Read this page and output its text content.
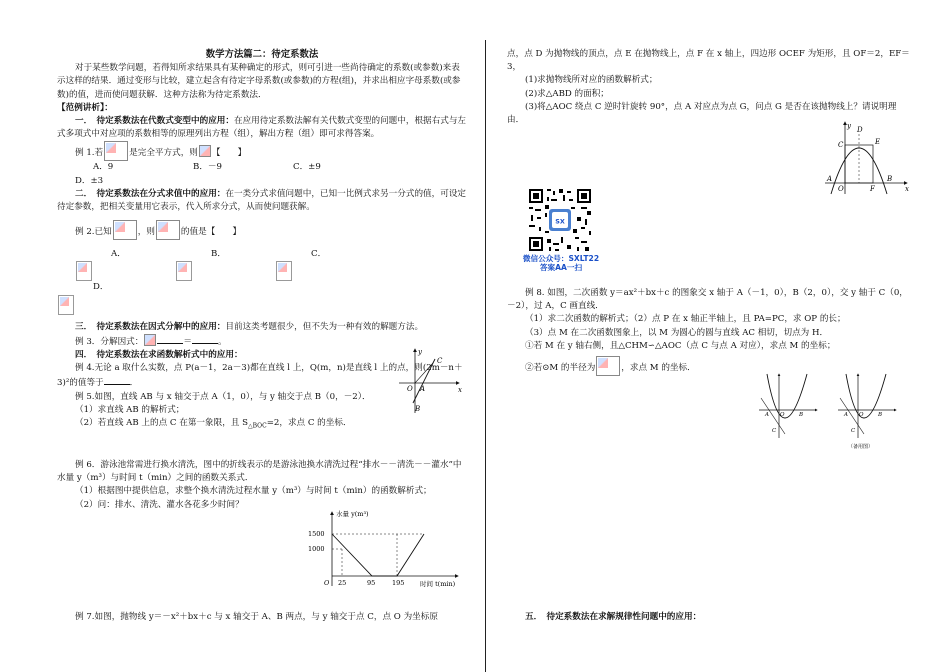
数学方法篇二：待定系数法

对于某些数学问题，若得知所求结果具有某种确定的形式，则可引进一些尚待确定的系数(或参数)来表示这样的结果．通过变形与比较，建立起含有待定字母系数(或参数)的方程(组)，并求出相应字母系数(或参数)的值，进而使问题获解．这种方法称为待定系数法．

【范例讲析】：

一．　待定系数法在代数式变型中的应用：在应用待定系数法解有关代数式变型的问题中，根据右式与左式多项式中对应项的系数相等的原理列出方程（组），解出方程（组）即可求得答案。

例 1.若	是完全平方式，则 【　　】

A．9	B．－9	C．±9D．±3

二．　待定系数法在分式求值中的应用：在一类分式求值问题中，已知一比例式求另一分式的值，可设定待定参数，把相关变量用它表示，代入所求分式，从而使问题获解。

例 2.已知	，则	的值是【　　】

A．	B．	C．D．

三．　待定系数法在因式分解中的应用：目前这类考题很少，但不失为一种有效的解题方法。

例 3．分解因式：	＝	。

四．　待定系数法在求函数解析式中的应用：

例 4.无论 a 取什么实数，点 P(a－1，2a－3)都在直线 l 上，Q(m，n)是直线 l 上的点，则(2m－n＋3)²的值等于	．

例 5.如图，直线 AB 与 x 轴交于点 A（1，0），与 y 轴交于点 B（0，－2）．

（1）求直线 AB 的解析式；

（2）若直线 AB 上的点 C 在第一象限，且 $S_{\triangle BOC}=2$，求点 C 的坐标．

y
x
O A
B
C

例 6．游泳池常需进行换水清洗，图中的折线表示的是游泳池换水清洗过程“排水－－清洗－－灌水”中水量 y（m³）与时间 t（min）之间的函数关系式．

（1）根据图中提供信息，求整个换水清洗过程水量 y（m³）与时间 t（min）的函数解析式；

（2）问：排水、清洗、灌水各花多少时间？

水量 y(m³)
1500
1000
25	95	195 时间 t(min)
O

例 7.如图，抛物线 y＝－x²＋bx＋c 与 x 轴交于 A、B 两点，与 y 轴交于点 C，点 O 为坐标原

点，点 D 为抛物线的顶点，点 E 在抛物线上，点 F 在 x 轴上，四边形 OCEF 为矩形，且 OF＝2，EF＝3，

(1)求抛物线所对应的函数解析式；

(2)求△ABD 的面积；

(3)将△AOC 绕点 C 逆时针旋转 90°，点 A 对应点为点 G，问点 G 是否在该抛物线上？请说明理由．

y
x
D
E
C
A
O	F
B
SX
微信公众号：SXLT22
答案AA一扫

例 8. 如图，二次函数 y＝ax²＋bx＋c 的图象交 x 轴于 A（－1，0），B（2，0），交 y 轴于 C（0，－2），过 A，C 画直线．

（1）求二次函数的解析式；（2）点 P 在 x 轴正半轴上，且 PA=PC，求 OP 的长；

（3）点 M 在二次函数图象上，以 M 为圆心的圆与直线 AC 相切，切点为 H．

①若 M 在 y 轴右侧，且△CHM∽△AOC（点 C 与点 A 对应），求点 M 的坐标；

②若⊙M 的半径为	，求点 M 的坐标．

A O	B
C
A O	B
C
（备用图）

五．　待定系数法在求解规律性问题中的应用：
